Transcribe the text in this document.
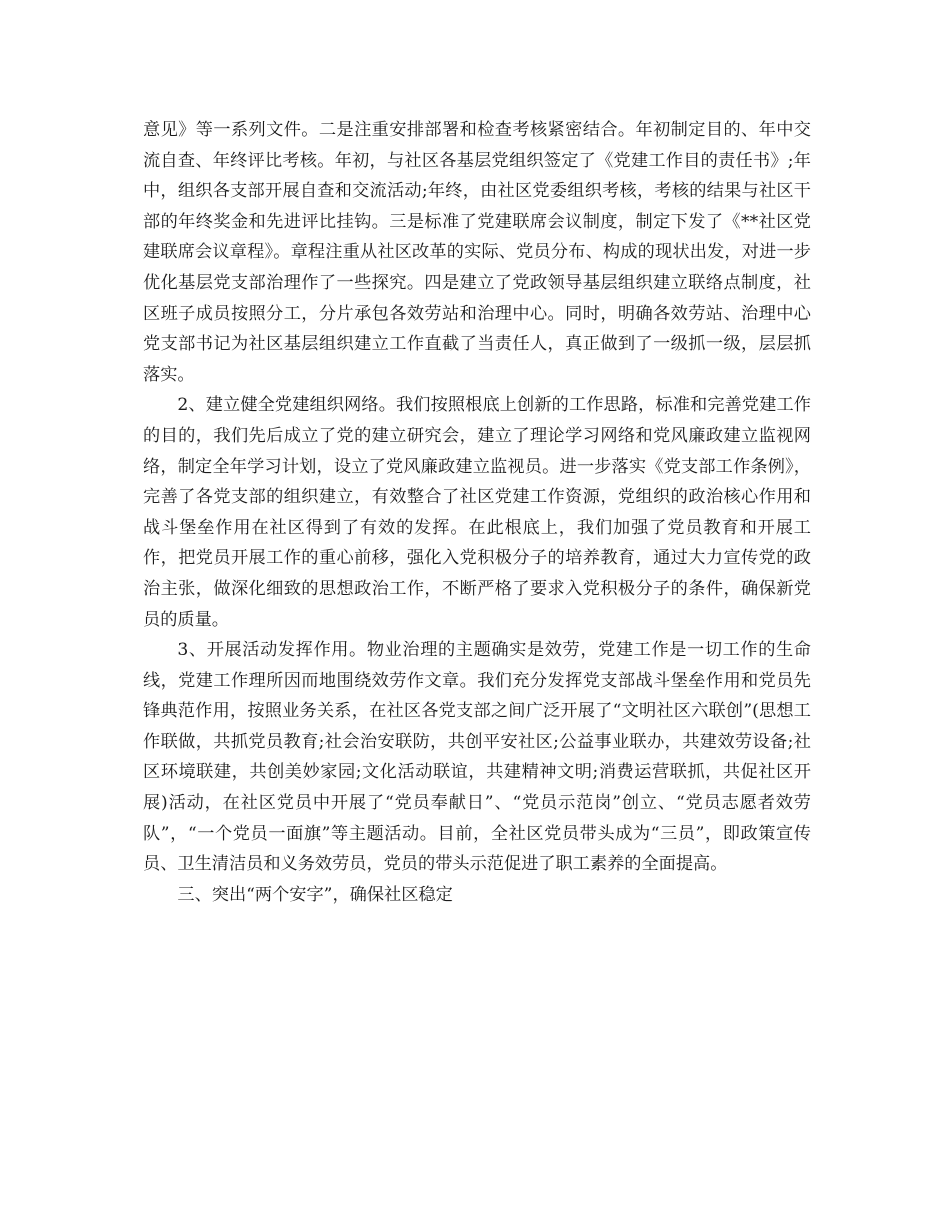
意见》等一系列文件。二是注重安排部署和检查考核紧密结合。年初制定目的、年中交流自查、年终评比考核。年初，与社区各基层党组织签定了《党建工作目的责任书》;年中，组织各支部开展自查和交流活动;年终，由社区党委组织考核，考核的结果与社区干部的年终奖金和先进评比挂钩。三是标准了党建联席会议制度，制定下发了《**社区党建联席会议章程》。章程注重从社区改革的实际、党员分布、构成的现状出发，对进一步优化基层党支部治理作了一些探究。四是建立了党政领导基层组织建立联络点制度，社区班子成员按照分工，分片承包各效劳站和治理中心。同时，明确各效劳站、治理中心党支部书记为社区基层组织建立工作直截了当责任人，真正做到了一级抓一级，层层抓落实。

2、建立健全党建组织网络。我们按照根底上创新的工作思路，标准和完善党建工作的目的，我们先后成立了党的建立研究会，建立了理论学习网络和党风廉政建立监视网络，制定全年学习计划，设立了党风廉政建立监视员。进一步落实《党支部工作条例》，完善了各党支部的组织建立，有效整合了社区党建工作资源，党组织的政治核心作用和战斗堡垒作用在社区得到了有效的发挥。在此根底上，我们加强了党员教育和开展工作，把党员开展工作的重心前移，强化入党积极分子的培养教育，通过大力宣传党的政治主张，做深化细致的思想政治工作，不断严格了要求入党积极分子的条件，确保新党员的质量。

3、开展活动发挥作用。物业治理的主题确实是效劳，党建工作是一切工作的生命线，党建工作理所因而地围绕效劳作文章。我们充分发挥党支部战斗堡垒作用和党员先锋典范作用，按照业务关系，在社区各党支部之间广泛开展了“文明社区六联创”(思想工作联做，共抓党员教育;社会治安联防，共创平安社区;公益事业联办，共建效劳设备;社区环境联建，共创美妙家园;文化活动联谊，共建精神文明;消费运营联抓，共促社区开展)活动，在社区党员中开展了“党员奉献日”、“党员示范岗”创立、“党员志愿者效劳队”，“一个党员一面旗”等主题活动。目前，全社区党员带头成为“三员”，即政策宣传员、卫生清洁员和义务效劳员，党员的带头示范促进了职工素养的全面提高。

三、突出“两个安字”，确保社区稳定
